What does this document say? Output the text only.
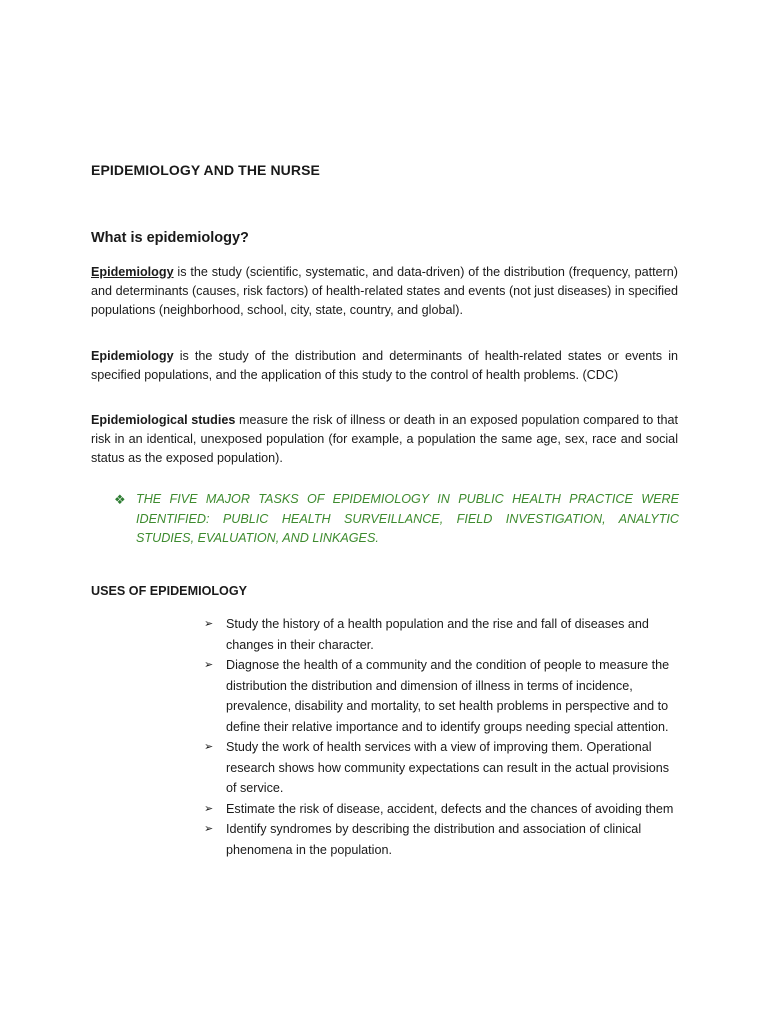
EPIDEMIOLOGY AND THE NURSE
What is epidemiology?

Epidemiology is the study (scientific, systematic, and data-driven) of the distribution (frequency, pattern) and determinants (causes, risk factors) of health-related states and events (not just diseases) in specified populations (neighborhood, school, city, state, country, and global).

Epidemiology is the study of the distribution and determinants of health-related states or events in specified populations, and the application of this study to the control of health problems. (CDC)

Epidemiological studies measure the risk of illness or death in an exposed population compared to that risk in an identical, unexposed population (for example, a population the same age, sex, race and social status as the exposed population).

❖ THE FIVE MAJOR TASKS OF EPIDEMIOLOGY IN PUBLIC HEALTH PRACTICE WERE IDENTIFIED: PUBLIC HEALTH SURVEILLANCE, FIELD INVESTIGATION, ANALYTIC STUDIES, EVALUATION, AND LINKAGES.
USES OF EPIDEMIOLOGY
➢	Study the history of a health population and the rise and fall of diseases and changes in their character.
➢	Diagnose the health of a community and the condition of people to measure the distribution the distribution and dimension of illness in terms of incidence, prevalence, disability and mortality, to set health problems in perspective and to define their relative importance and to identify groups needing special attention.
➢	Study the work of health services with a view of improving them. Operational research shows how community expectations can result in the actual provisions of service.
➢	Estimate the risk of disease, accident, defects and the chances of avoiding them
➢	Identify syndromes by describing the distribution and association of clinical phenomena in the population.
